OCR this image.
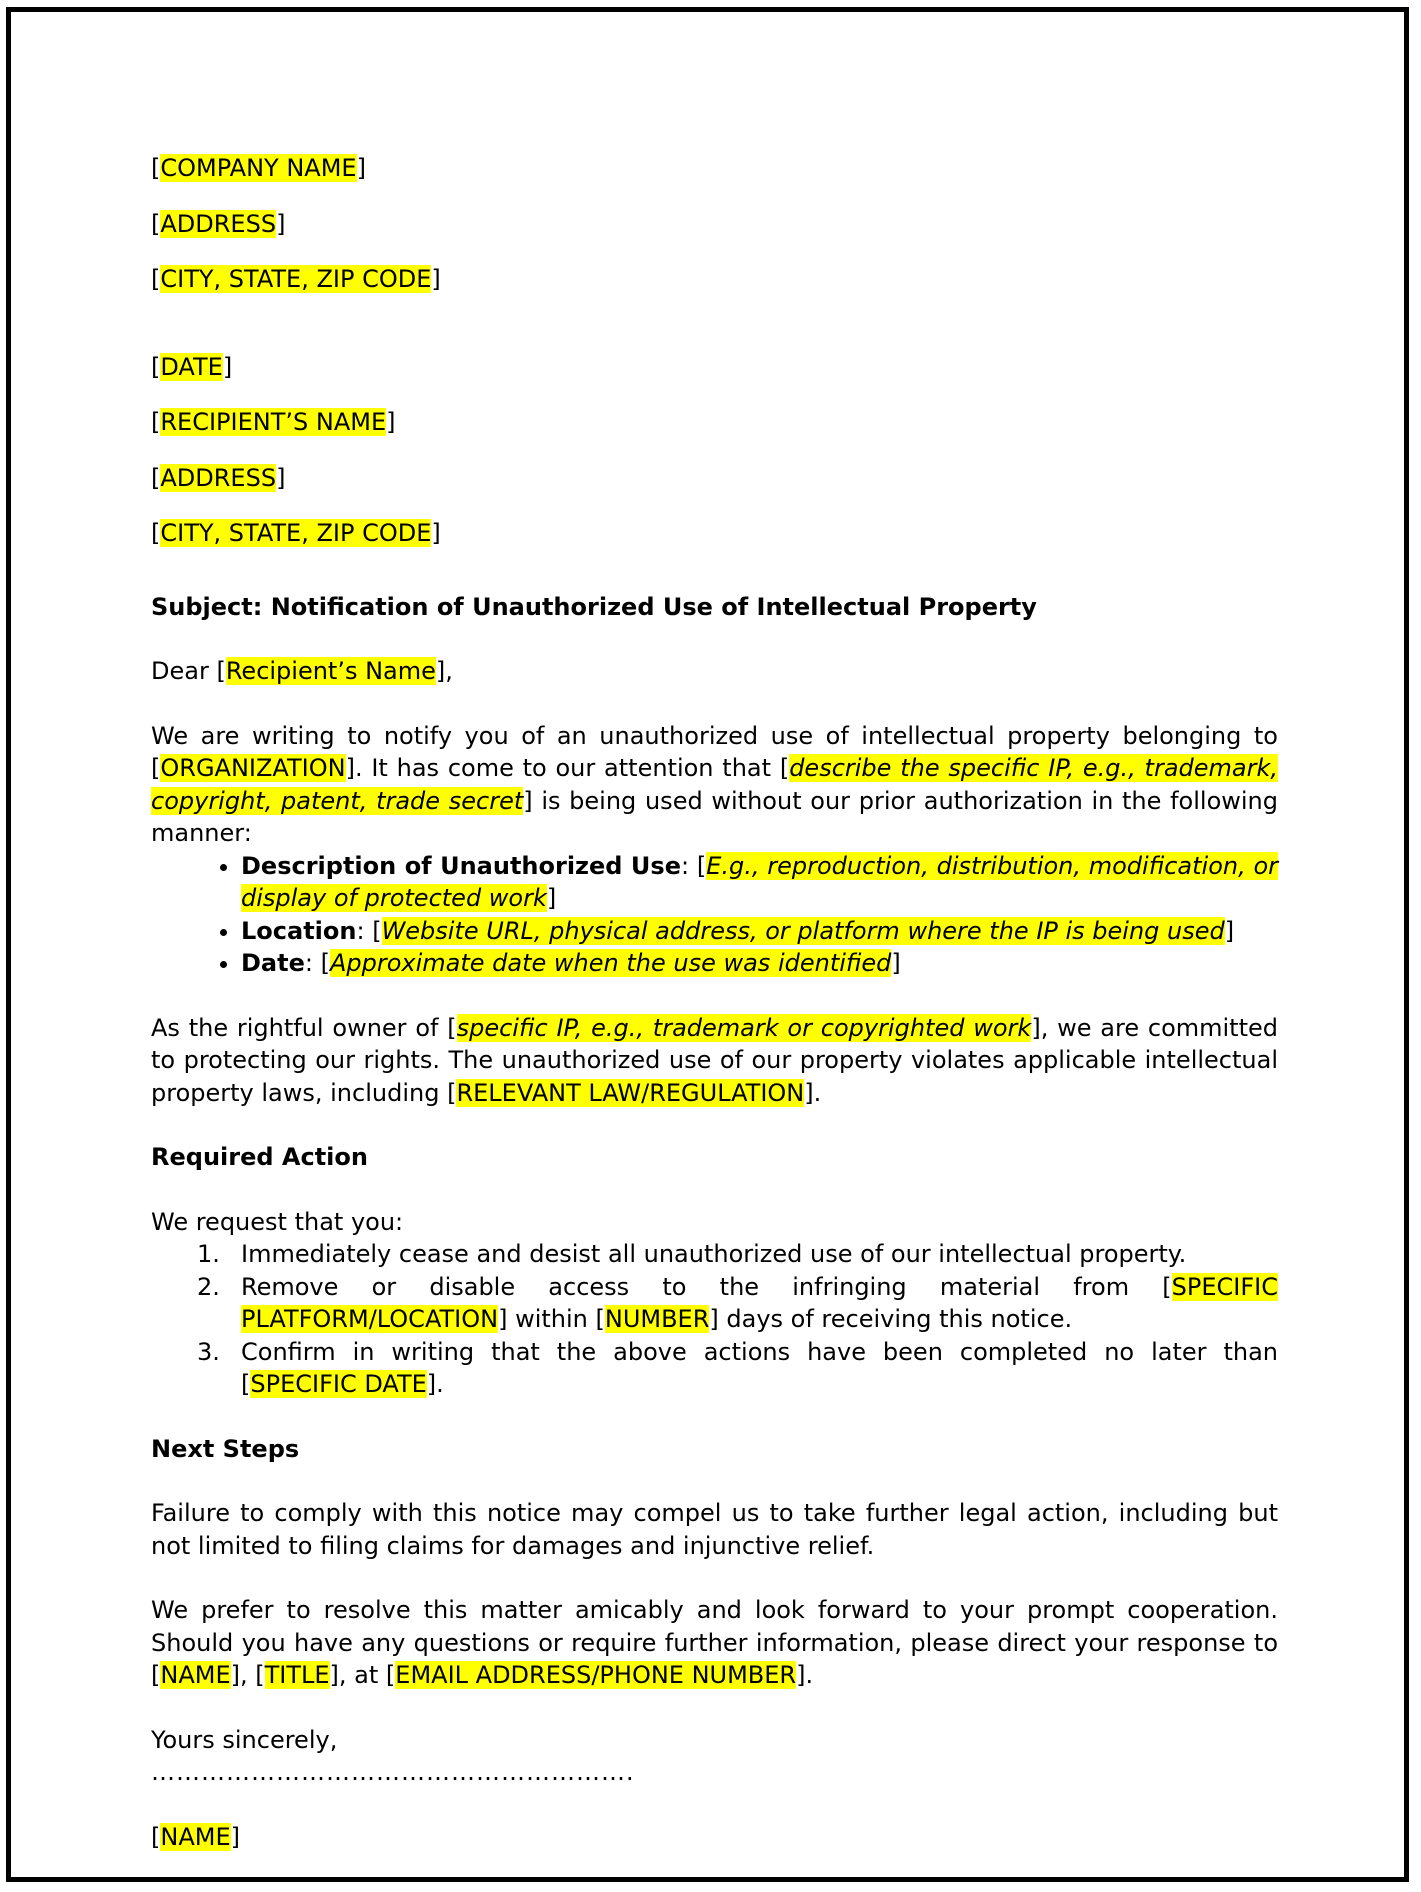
[COMPANY NAME]

[ADDRESS]

[CITY, STATE, ZIP CODE]

[DATE]

[RECIPIENT’S NAME]

[ADDRESS]

[CITY, STATE, ZIP CODE]

Subject: Notification of Unauthorized Use of Intellectual Property

Dear [Recipient’s Name],

We are writing to notify you of an unauthorized use of intellectual property belonging to [ORGANIZATION]. It has come to our attention that [describe the specific IP, e.g., trademark, copyright, patent, trade secret] is being used without our prior authorization in the following manner:

• Description of Unauthorized Use: [E.g., reproduction, distribution, modification, or display of protected work]
• Location: [Website URL, physical address, or platform where the IP is being used]
• Date: [Approximate date when the use was identified]

As the rightful owner of [specific IP, e.g., trademark or copyrighted work], we are committed to protecting our rights. The unauthorized use of our property violates applicable intellectual property laws, including [RELEVANT LAW/REGULATION].

Required Action

We request that you:

1. Immediately cease and desist all unauthorized use of our intellectual property.
2. Remove or disable access to the infringing material from [SPECIFIC PLATFORM/LOCATION] within [NUMBER] days of receiving this notice.
3. Confirm in writing that the above actions have been completed no later than [SPECIFIC DATE].

Next Steps

Failure to comply with this notice may compel us to take further legal action, including but not limited to filing claims for damages and injunctive relief.

We prefer to resolve this matter amicably and look forward to your prompt cooperation. Should you have any questions or require further information, please direct your response to [NAME], [TITLE], at [EMAIL ADDRESS/PHONE NUMBER].

Yours sincerely,

………………………………………………….

[NAME]
